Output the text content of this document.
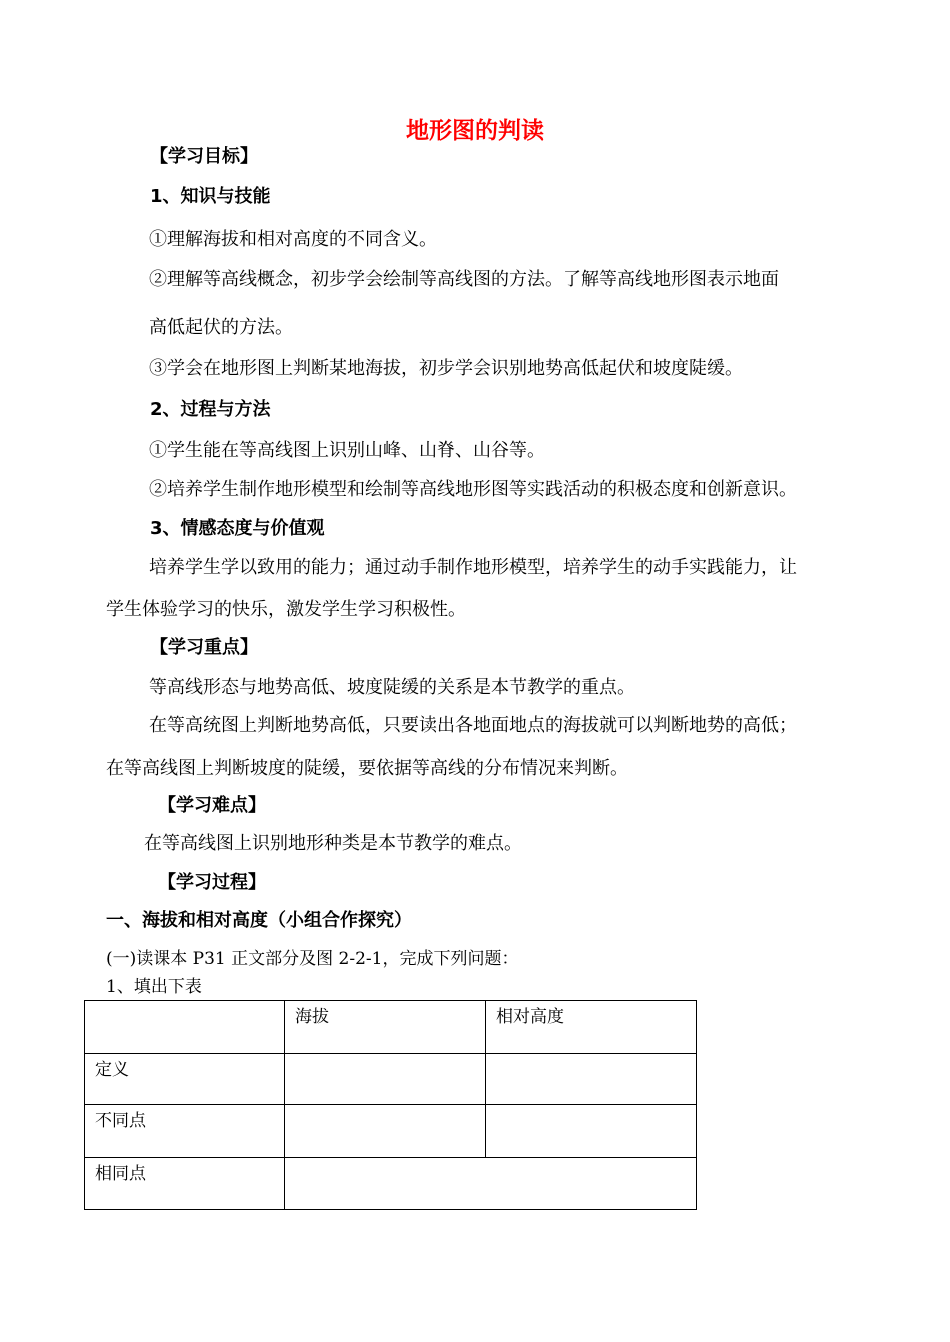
地形图的判读
【学习目标】
1、知识与技能
①理解海拔和相对高度的不同含义。
②理解等高线概念，初步学会绘制等高线图的方法。了解等高线地形图表示地面
高低起伏的方法。
③学会在地形图上判断某地海拔，初步学会识别地势高低起伏和坡度陡缓。
2、过程与方法
①学生能在等高线图上识别山峰、山脊、山谷等。
②培养学生制作地形模型和绘制等高线地形图等实践活动的积极态度和创新意识。
3、情感态度与价值观
培养学生学以致用的能力；通过动手制作地形模型，培养学生的动手实践能力，让
学生体验学习的快乐，激发学生学习积极性。
【学习重点】
等高线形态与地势高低、坡度陡缓的关系是本节教学的重点。
在等高统图上判断地势高低，只要读出各地面地点的海拔就可以判断地势的高低；
在等高线图上判断坡度的陡缓，要依据等高线的分布情况来判断。
【学习难点】
在等高线图上识别地形种类是本节教学的难点。
【学习过程】
一、海拔和相对高度（小组合作探究）
(一)读课本 P31 正文部分及图 2-2-1，完成下列问题：
1、填出下表
	海拔	相对高度
定义		
不同点		
相同点		
